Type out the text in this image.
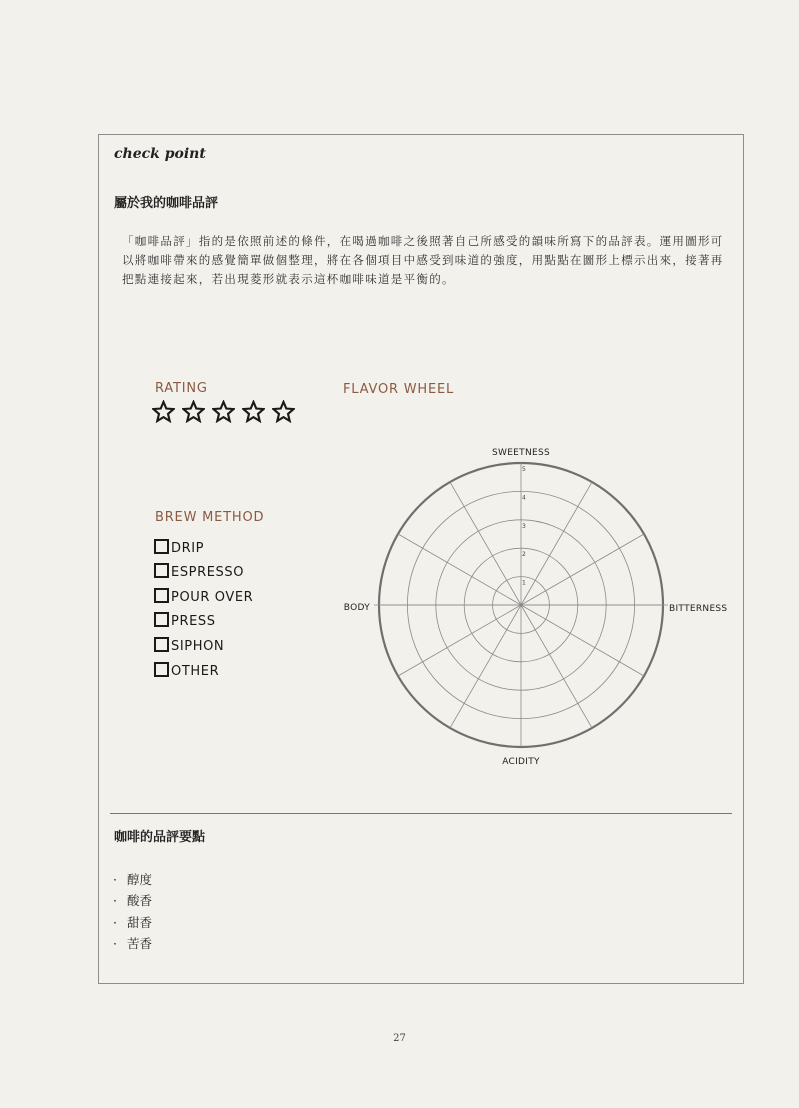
check point
屬於我的咖啡品評
「咖啡品評」指的是依照前述的條件，在喝過咖啡之後照著自己所感受的韻味所寫下的品評表。運用圖形可以將咖啡帶來的感覺簡單做個整理，將在各個項目中感受到味道的強度，用點點在圖形上標示出來，接著再把點連接起來，若出現菱形就表示這杯咖啡味道是平衡的。
RATING	FLAVOR WHEEL
BREW METHOD
DRIP
ESPRESSO
POUR OVER
PRESS
SIPHON
OTHER
SWEETNESS
BITTERNESS
ACIDITY
BODY
1
2
3
4
5
咖啡的品評要點
· 醇度
· 酸香
· 甜香
· 苦香
27
